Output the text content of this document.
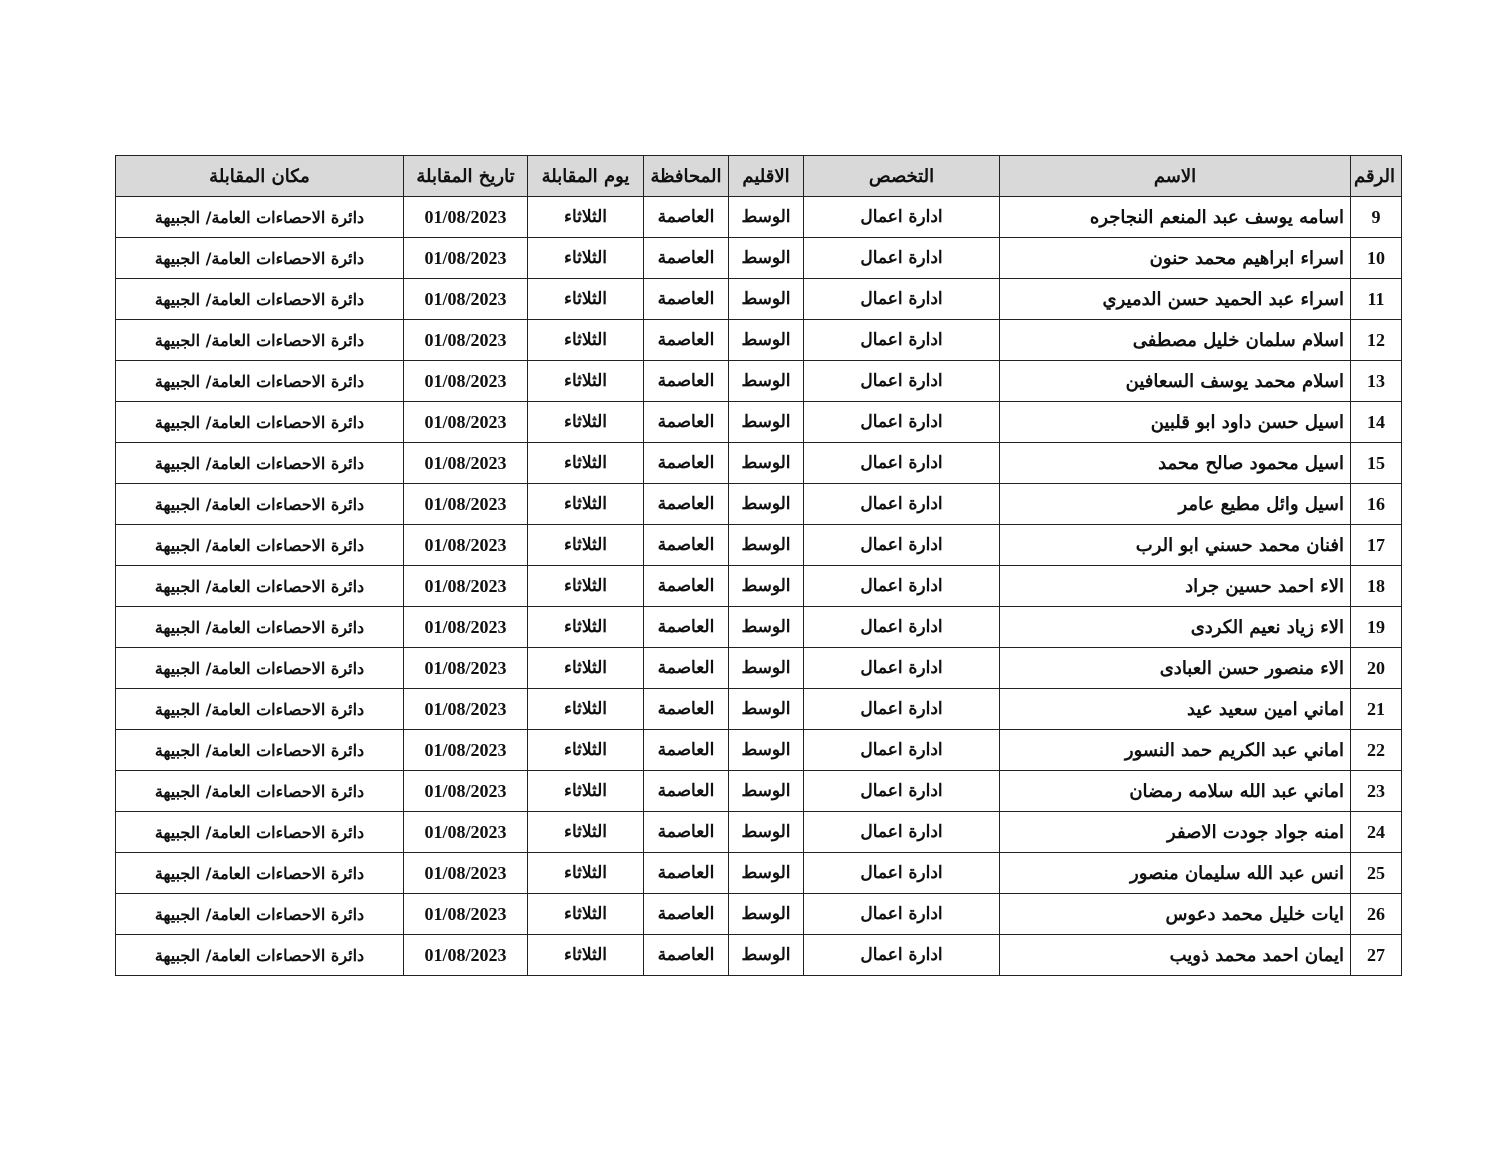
الرقم	الاسم	التخصص	الاقليم	المحافظة	يوم المقابلة	تاريخ المقابلة	مكان المقابلة
9	اسامه يوسف عبد المنعم النجاجره	ادارة اعمال	الوسط	العاصمة	الثلاثاء	01/08/2023	دائرة الاحصاءات العامة/ الجبيهة
10	اسراء ابراهيم محمد حنون	ادارة اعمال	الوسط	العاصمة	الثلاثاء	01/08/2023	دائرة الاحصاءات العامة/ الجبيهة
11	اسراء عبد الحميد حسن الدميري	ادارة اعمال	الوسط	العاصمة	الثلاثاء	01/08/2023	دائرة الاحصاءات العامة/ الجبيهة
12	اسلام سلمان خليل مصطفى	ادارة اعمال	الوسط	العاصمة	الثلاثاء	01/08/2023	دائرة الاحصاءات العامة/ الجبيهة
13	اسلام محمد يوسف السعافين	ادارة اعمال	الوسط	العاصمة	الثلاثاء	01/08/2023	دائرة الاحصاءات العامة/ الجبيهة
14	اسيل حسن داود ابو قلبين	ادارة اعمال	الوسط	العاصمة	الثلاثاء	01/08/2023	دائرة الاحصاءات العامة/ الجبيهة
15	اسيل محمود صالح محمد	ادارة اعمال	الوسط	العاصمة	الثلاثاء	01/08/2023	دائرة الاحصاءات العامة/ الجبيهة
16	اسيل وائل مطيع عامر	ادارة اعمال	الوسط	العاصمة	الثلاثاء	01/08/2023	دائرة الاحصاءات العامة/ الجبيهة
17	افنان محمد حسني ابو الرب	ادارة اعمال	الوسط	العاصمة	الثلاثاء	01/08/2023	دائرة الاحصاءات العامة/ الجبيهة
18	الاء احمد حسين جراد	ادارة اعمال	الوسط	العاصمة	الثلاثاء	01/08/2023	دائرة الاحصاءات العامة/ الجبيهة
19	الاء زياد نعيم الكردى	ادارة اعمال	الوسط	العاصمة	الثلاثاء	01/08/2023	دائرة الاحصاءات العامة/ الجبيهة
20	الاء منصور حسن العبادى	ادارة اعمال	الوسط	العاصمة	الثلاثاء	01/08/2023	دائرة الاحصاءات العامة/ الجبيهة
21	اماني امين سعيد عيد	ادارة اعمال	الوسط	العاصمة	الثلاثاء	01/08/2023	دائرة الاحصاءات العامة/ الجبيهة
22	اماني عبد الكريم حمد النسور	ادارة اعمال	الوسط	العاصمة	الثلاثاء	01/08/2023	دائرة الاحصاءات العامة/ الجبيهة
23	اماني عبد الله سلامه رمضان	ادارة اعمال	الوسط	العاصمة	الثلاثاء	01/08/2023	دائرة الاحصاءات العامة/ الجبيهة
24	امنه جواد جودت الاصفر	ادارة اعمال	الوسط	العاصمة	الثلاثاء	01/08/2023	دائرة الاحصاءات العامة/ الجبيهة
25	انس عبد الله سليمان منصور	ادارة اعمال	الوسط	العاصمة	الثلاثاء	01/08/2023	دائرة الاحصاءات العامة/ الجبيهة
26	ايات خليل محمد دعوس	ادارة اعمال	الوسط	العاصمة	الثلاثاء	01/08/2023	دائرة الاحصاءات العامة/ الجبيهة
27	ايمان احمد محمد ذويب	ادارة اعمال	الوسط	العاصمة	الثلاثاء	01/08/2023	دائرة الاحصاءات العامة/ الجبيهة
